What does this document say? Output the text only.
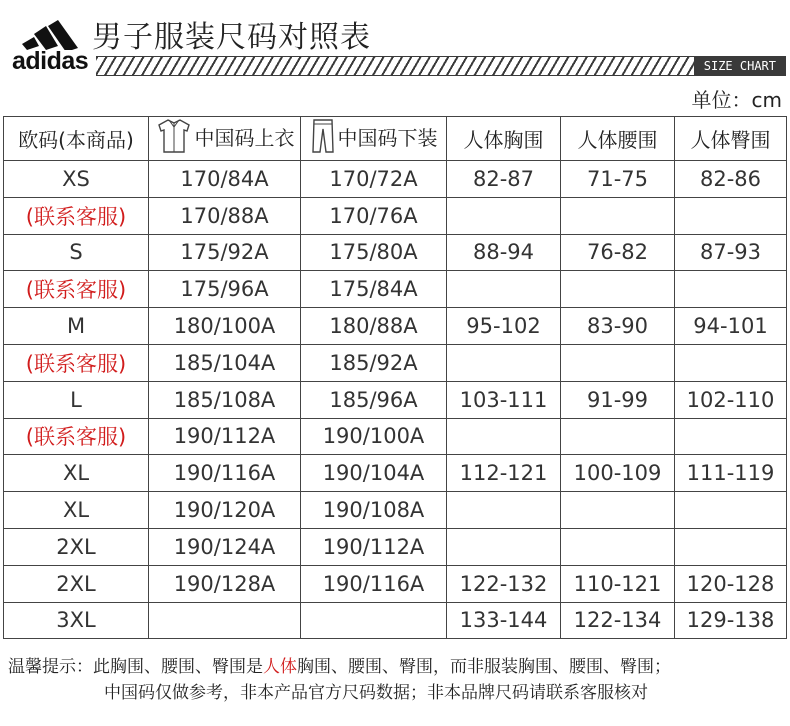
adidas
男子服装尺码对照表
SIZE CHART
单位：cm
欧码(本商品)	中国码上衣	中国码下装	人体胸围	人体腰围	人体臀围
XS	170/84A	170/72A	82-87	71-75	82-86
(联系客服)	170/88A	170/76A			
S	175/92A	175/80A	88-94	76-82	87-93
(联系客服)	175/96A	175/84A			
M	180/100A	180/88A	95-102	83-90	94-101
(联系客服)	185/104A	185/92A			
L	185/108A	185/96A	103-111	91-99	102-110
(联系客服)	190/112A	190/100A			
XL	190/116A	190/104A	112-121	100-109	111-119
XL	190/120A	190/108A			
2XL	190/124A	190/112A			
2XL	190/128A	190/116A	122-132	110-121	120-128
3XL			133-144	122-134	129-138
温馨提示：此胸围、腰围、臀围是人体胸围、腰围、臀围，而非服装胸围、腰围、臀围；
中国码仅做参考，非本产品官方尺码数据；非本品牌尺码请联系客服核对
